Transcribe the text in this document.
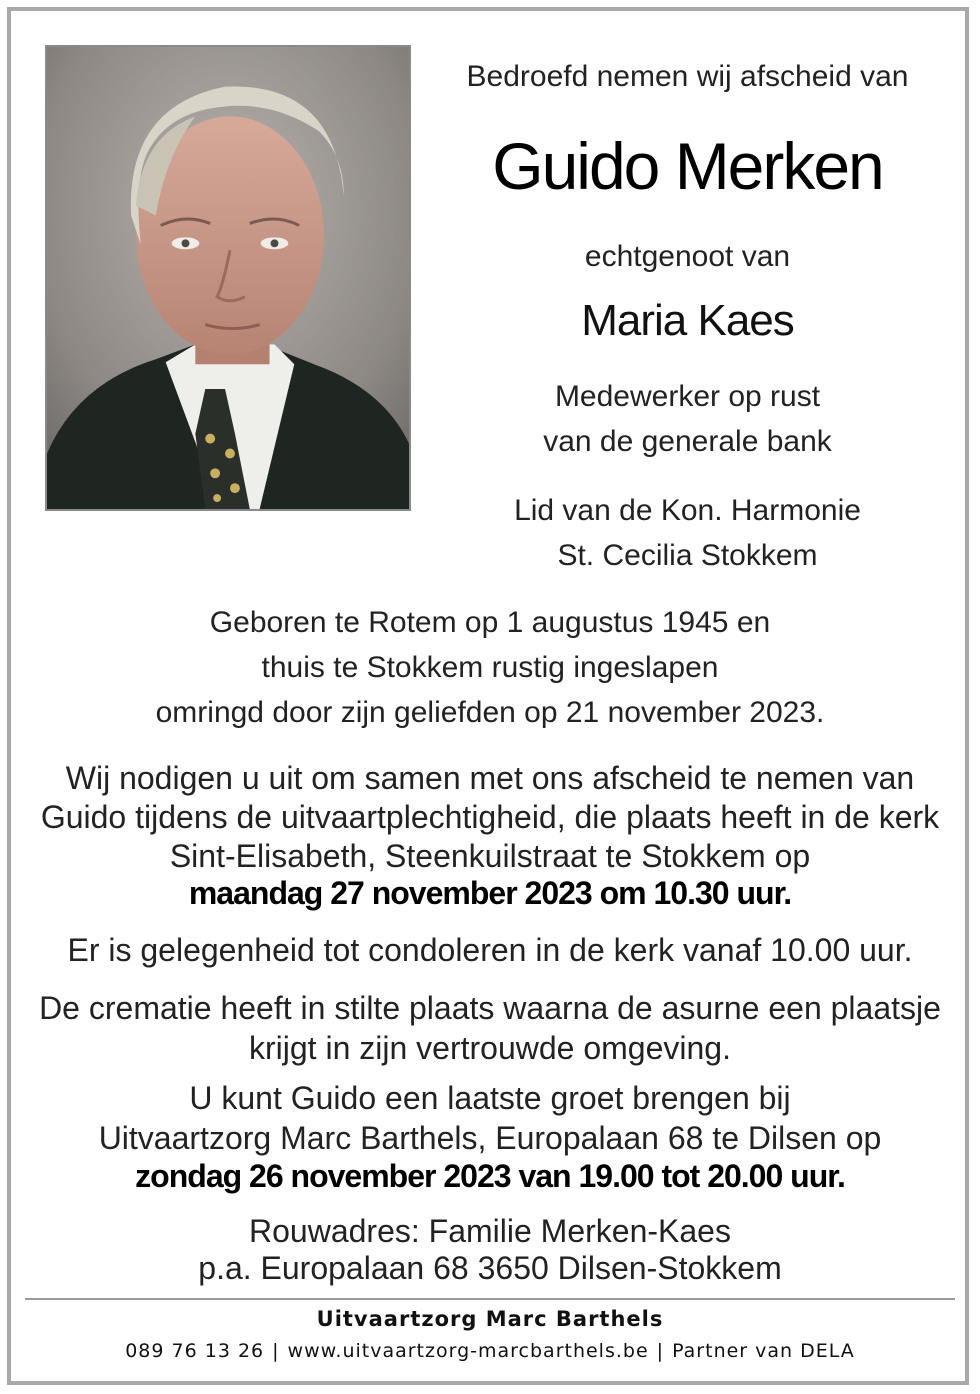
Bedroefd nemen wij afscheid van
Guido Merken
echtgenoot van
Maria Kaes
Medewerker op rust
van de generale bank
Lid van de Kon. Harmonie
St. Cecilia Stokkem
Geboren te Rotem op 1 augustus 1945 en
thuis te Stokkem rustig ingeslapen
omringd door zijn geliefden op 21 november 2023.
Wij nodigen u uit om samen met ons afscheid te nemen van
Guido tijdens de uitvaartplechtigheid, die plaats heeft in de kerk
Sint-Elisabeth, Steenkuilstraat te Stokkem op
maandag 27 november 2023 om 10.30 uur.
Er is gelegenheid tot condoleren in de kerk vanaf 10.00 uur.
De crematie heeft in stilte plaats waarna de asurne een plaatsje
krijgt in zijn vertrouwde omgeving.
U kunt Guido een laatste groet brengen bij
Uitvaartzorg Marc Barthels, Europalaan 68 te Dilsen op
zondag 26 november 2023 van 19.00 tot 20.00 uur.
Rouwadres: Familie Merken-Kaes
p.a. Europalaan 68 3650 Dilsen-Stokkem
Uitvaartzorg Marc Barthels
089 76 13 26 | www.uitvaartzorg-marcbarthels.be | Partner van DELA
